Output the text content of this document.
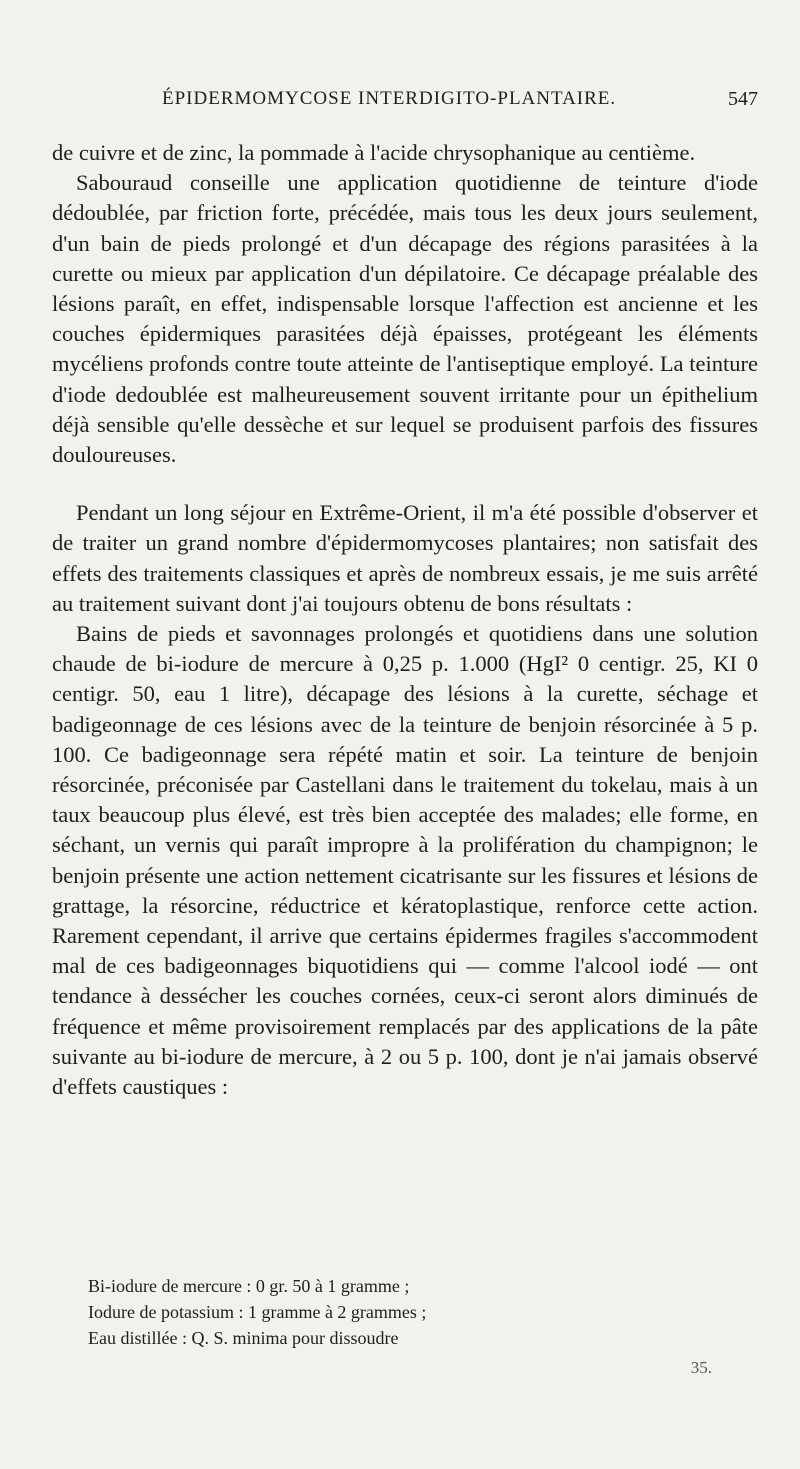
ÉPIDERMOMYCOSE INTERDIGITO-PLANTAIRE.	547

de cuivre et de zinc, la pommade à l'acide chrysophanique au centième.

Sabouraud conseille une application quotidienne de teinture d'iode dédoublée, par friction forte, précédée, mais tous les deux jours seulement, d'un bain de pieds prolongé et d'un décapage des régions parasitées à la curette ou mieux par application d'un dépilatoire. Ce décapage préalable des lésions paraît, en effet, indispensable lorsque l'affection est ancienne et les couches épidermiques parasitées déjà épaisses, protégeant les éléments mycéliens profonds contre toute atteinte de l'antiseptique employé. La teinture d'iode dedoublée est malheureusement souvent irritante pour un épithelium déjà sensible qu'elle dessèche et sur lequel se produisent parfois des fissures douloureuses.

Pendant un long séjour en Extrême-Orient, il m'a été possible d'observer et de traiter un grand nombre d'épidermomycoses plantaires; non satisfait des effets des traitements classiques et après de nombreux essais, je me suis arrêté au traitement suivant dont j'ai toujours obtenu de bons résultats :

Bains de pieds et savonnages prolongés et quotidiens dans une solution chaude de bi-iodure de mercure à 0,25 p. 1.000 (HgI² 0 centigr. 25, KI 0 centigr. 50, eau 1 litre), décapage des lésions à la curette, séchage et badigeonnage de ces lésions avec de la teinture de benjoin résorcinée à 5 p. 100. Ce badigeonnage sera répété matin et soir. La teinture de benjoin résorcinée, préconisée par Castellani dans le traitement du tokelau, mais à un taux beaucoup plus élevé, est très bien acceptée des malades; elle forme, en séchant, un vernis qui paraît impropre à la prolifération du champignon; le benjoin présente une action nettement cicatrisante sur les fissures et lésions de grattage, la résorcine, réductrice et kératoplastique, renforce cette action. Rarement cependant, il arrive que certains épidermes fragiles s'accommodent mal de ces badigeonnages biquotidiens qui — comme l'alcool iodé — ont tendance à dessécher les couches cornées, ceux-ci seront alors diminués de fréquence et même provisoirement remplacés par des applications de la pâte suivante au bi-iodure de mercure, à 2 ou 5 p. 100, dont je n'ai jamais observé d'effets caustiques :

Bi-iodure de mercure : 0 gr. 50 à 1 gramme ;
Iodure de potassium : 1 gramme à 2 grammes ;
Eau distillée : Q. S. minima pour dissoudre
35.
